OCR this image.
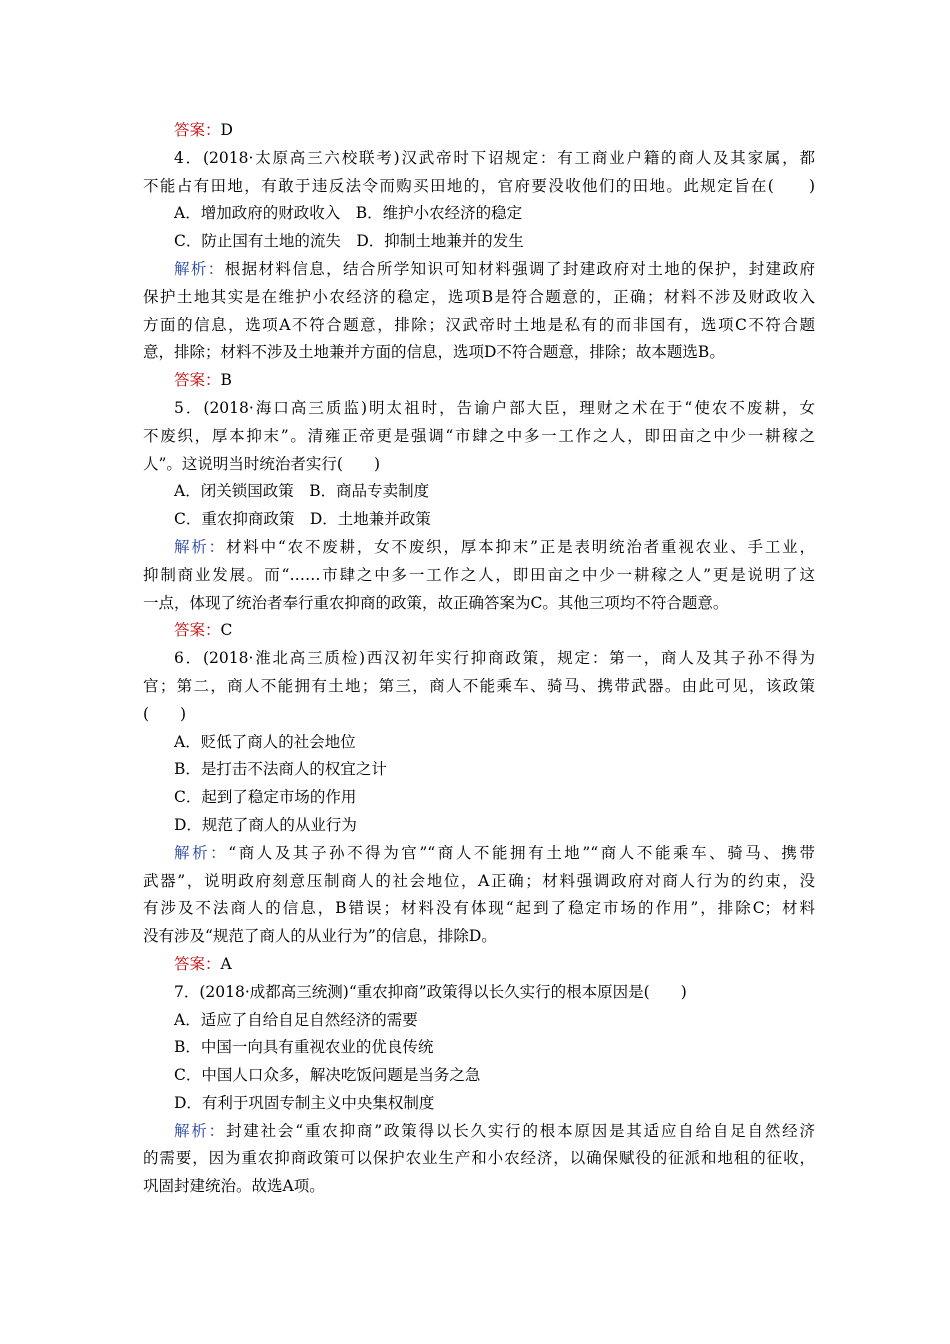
答案：D
4．(2018·太原高三六校联考)汉武帝时下诏规定：有工商业户籍的商人及其家属，都
不能占有田地，有敢于违反法令而购买田地的，官府要没收他们的田地。此规定旨在(　　)
A．增加政府的财政收入　B．维护小农经济的稳定
C．防止国有土地的流失　D．抑制土地兼并的发生
解析：根据材料信息，结合所学知识可知材料强调了封建政府对土地的保护，封建政府
保护土地其实是在维护小农经济的稳定，选项B是符合题意的，正确；材料不涉及财政收入
方面的信息，选项A不符合题意，排除；汉武帝时土地是私有的而非国有，选项C不符合题
意，排除；材料不涉及土地兼并方面的信息，选项D不符合题意，排除；故本题选B。
答案：B
5．(2018·海口高三质监)明太祖时，告谕户部大臣，理财之术在于“使农不废耕，女
不废织，厚本抑末”。清雍正帝更是强调“市肆之中多一工作之人，即田亩之中少一耕稼之
人”。这说明当时统治者实行(　　)
A．闭关锁国政策　B．商品专卖制度
C．重农抑商政策　D．土地兼并政策
解析：材料中“农不废耕，女不废织，厚本抑末”正是表明统治者重视农业、手工业，
抑制商业发展。而“……市肆之中多一工作之人，即田亩之中少一耕稼之人”更是说明了这
一点，体现了统治者奉行重农抑商的政策，故正确答案为C。其他三项均不符合题意。
答案：C
6．(2018·淮北高三质检)西汉初年实行抑商政策，规定：第一，商人及其子孙不得为
官；第二，商人不能拥有土地；第三，商人不能乘车、骑马、携带武器。由此可见，该政策
(　　)
A．贬低了商人的社会地位
B．是打击不法商人的权宜之计
C．起到了稳定市场的作用
D．规范了商人的从业行为
解析：“商人及其子孙不得为官”“商人不能拥有土地”“商人不能乘车、骑马、携带
武器”，说明政府刻意压制商人的社会地位，A正确；材料强调政府对商人行为的约束，没
有涉及不法商人的信息，B错误；材料没有体现“起到了稳定市场的作用”，排除C；材料
没有涉及“规范了商人的从业行为”的信息，排除D。
答案：A
7．(2018·成都高三统测)“重农抑商”政策得以长久实行的根本原因是(　　)
A．适应了自给自足自然经济的需要
B．中国一向具有重视农业的优良传统
C．中国人口众多，解决吃饭问题是当务之急
D．有利于巩固专制主义中央集权制度
解析：封建社会“重农抑商”政策得以长久实行的根本原因是其适应自给自足自然经济
的需要，因为重农抑商政策可以保护农业生产和小农经济，以确保赋役的征派和地租的征收，
巩固封建统治。故选A项。
